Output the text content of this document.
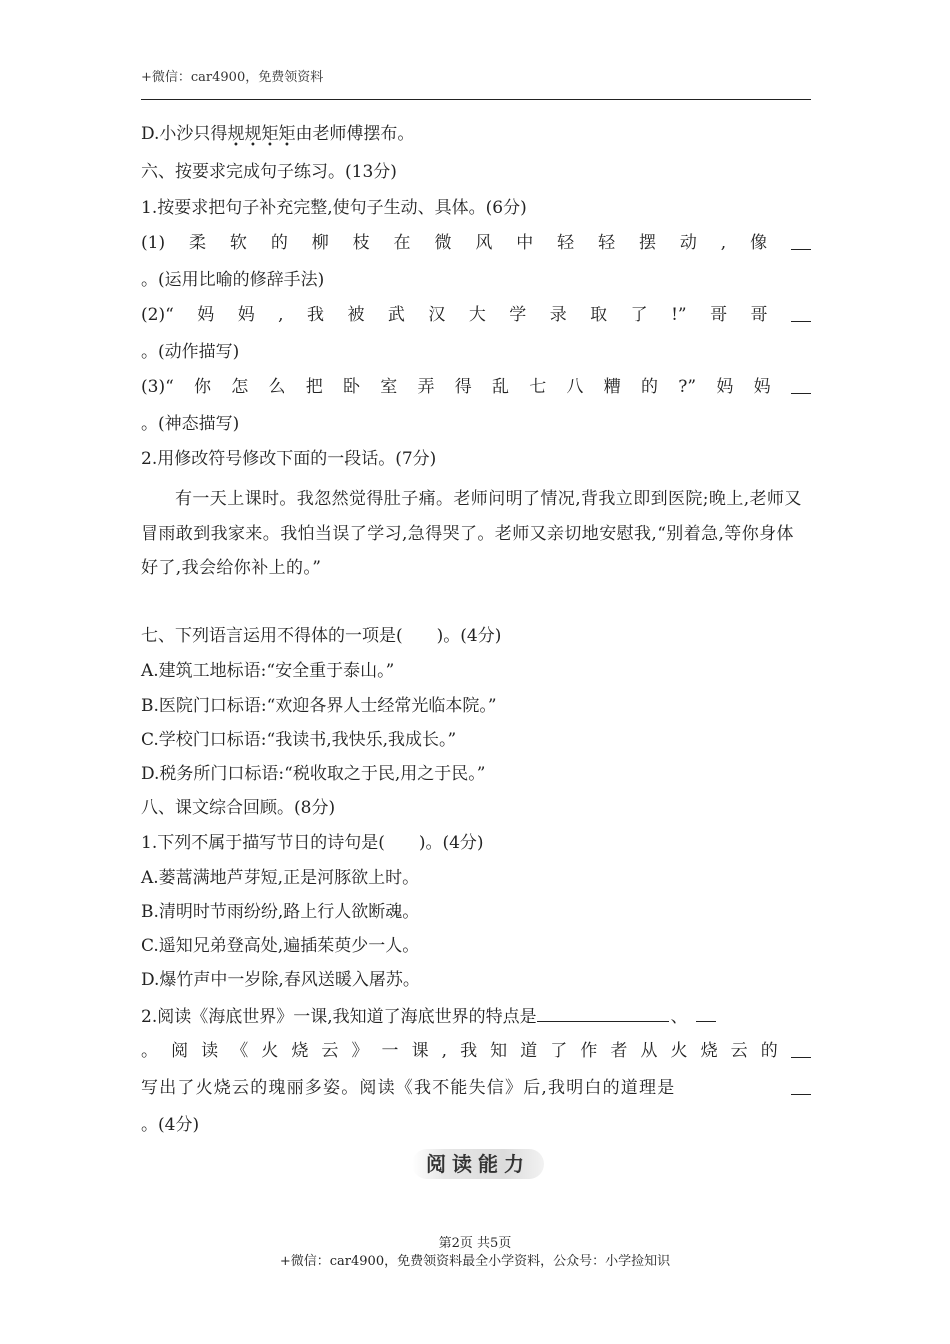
+微信：car4900，免费领资料
D.小沙只得规规矩矩由老师傅摆布。
六、按要求完成句子练习。(13分)
1.按要求把句子补充完整,使句子生动、具体。(6分)
(1) 柔 软 的 柳 枝 在 微 风 中 轻 轻 摆 动 , 像
。(运用比喻的修辞手法)
(2)“ 妈 妈 , 我 被 武 汉 大 学 录 取 了 !” 哥 哥
。(动作描写)
(3)“ 你 怎 么 把 卧 室 弄 得 乱 七 八 糟 的 ?” 妈 妈
。(神态描写)
2.用修改符号修改下面的一段话。(7分)
有一天上课时。我忽然觉得肚子痛。老师问明了情况,背我立即到医院;晚上,老师又冒雨敢到我家来。我怕当误了学习,急得哭了。老师又亲切地安慰我,“别着急,等你身体好了,我会给你补上的。”
七、下列语言运用不得体的一项是(　　)。(4分)
A.建筑工地标语:“安全重于泰山。”
B.医院门口标语:“欢迎各界人士经常光临本院。”
C.学校门口标语:“我读书,我快乐,我成长。”
D.税务所门口标语:“税收取之于民,用之于民。”
八、课文综合回顾。(8分)
1.下列不属于描写节日的诗句是(　　)。(4分)
A.蒌蒿满地芦芽短,正是河豚欲上时。
B.清明时节雨纷纷,路上行人欲断魂。
C.遥知兄弟登高处,遍插茱萸少一人。
D.爆竹声中一岁除,春风送暖入屠苏。
2.阅读《海底世界》一课,我知道了海底世界的特点是	、
。 阅 读 《 火 烧 云 》 一 课 , 我 知 道 了 作 者 从 火 烧 云 的
写出了火烧云的瑰丽多姿。阅读《我不能失信》后,我明白的道理是
。(4分)
阅读能力
第2页 共5页
+微信：car4900，免费领资料最全小学资料，公众号：小学捡知识
